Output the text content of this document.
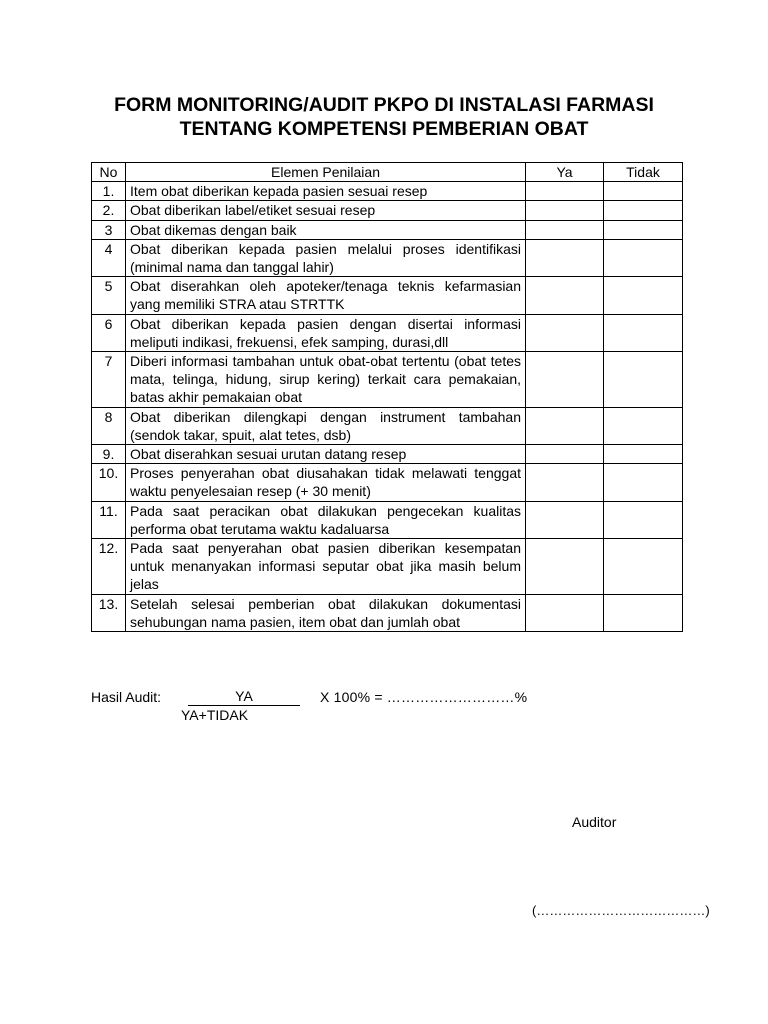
FORM MONITORING/AUDIT PKPO DI INSTALASI FARMASI
TENTANG KOMPETENSI PEMBERIAN OBAT
No	Elemen Penilaian	Ya	Tidak
1.	Item obat diberikan kepada pasien sesuai resep		
2.	Obat diberikan label/etiket sesuai resep		
3	Obat dikemas dengan baik		
4	Obat diberikan kepada pasien melalui proses identifikasi (minimal nama dan tanggal lahir)		
5	Obat diserahkan oleh apoteker/tenaga teknis kefarmasian yang memiliki STRA atau STRTTK		
6	Obat diberikan kepada pasien dengan disertai informasi meliputi indikasi, frekuensi, efek samping, durasi,dll		
7	Diberi informasi tambahan untuk obat-obat tertentu (obat tetes mata, telinga, hidung, sirup kering) terkait cara pemakaian, batas akhir pemakaian obat		
8	Obat diberikan dilengkapi dengan instrument tambahan (sendok takar, spuit, alat tetes, dsb)		
9.	Obat diserahkan sesuai urutan datang resep		
10.	Proses penyerahan obat diusahakan tidak melawati tenggat waktu penyelesaian resep (+ 30 menit)		
11.	Pada saat peracikan obat dilakukan pengecekan kualitas performa obat terutama waktu kadaluarsa		
12.	Pada saat penyerahan obat pasien diberikan kesempatan untuk menanyakan informasi seputar obat jika masih belum jelas		
13.	Setelah selesai pemberian obat dilakukan dokumentasi sehubungan nama pasien, item obat dan jumlah obat		
Hasil Audit:	YA
YA+TIDAK
X 100% = ………………………%
Auditor
(…………………………………)
